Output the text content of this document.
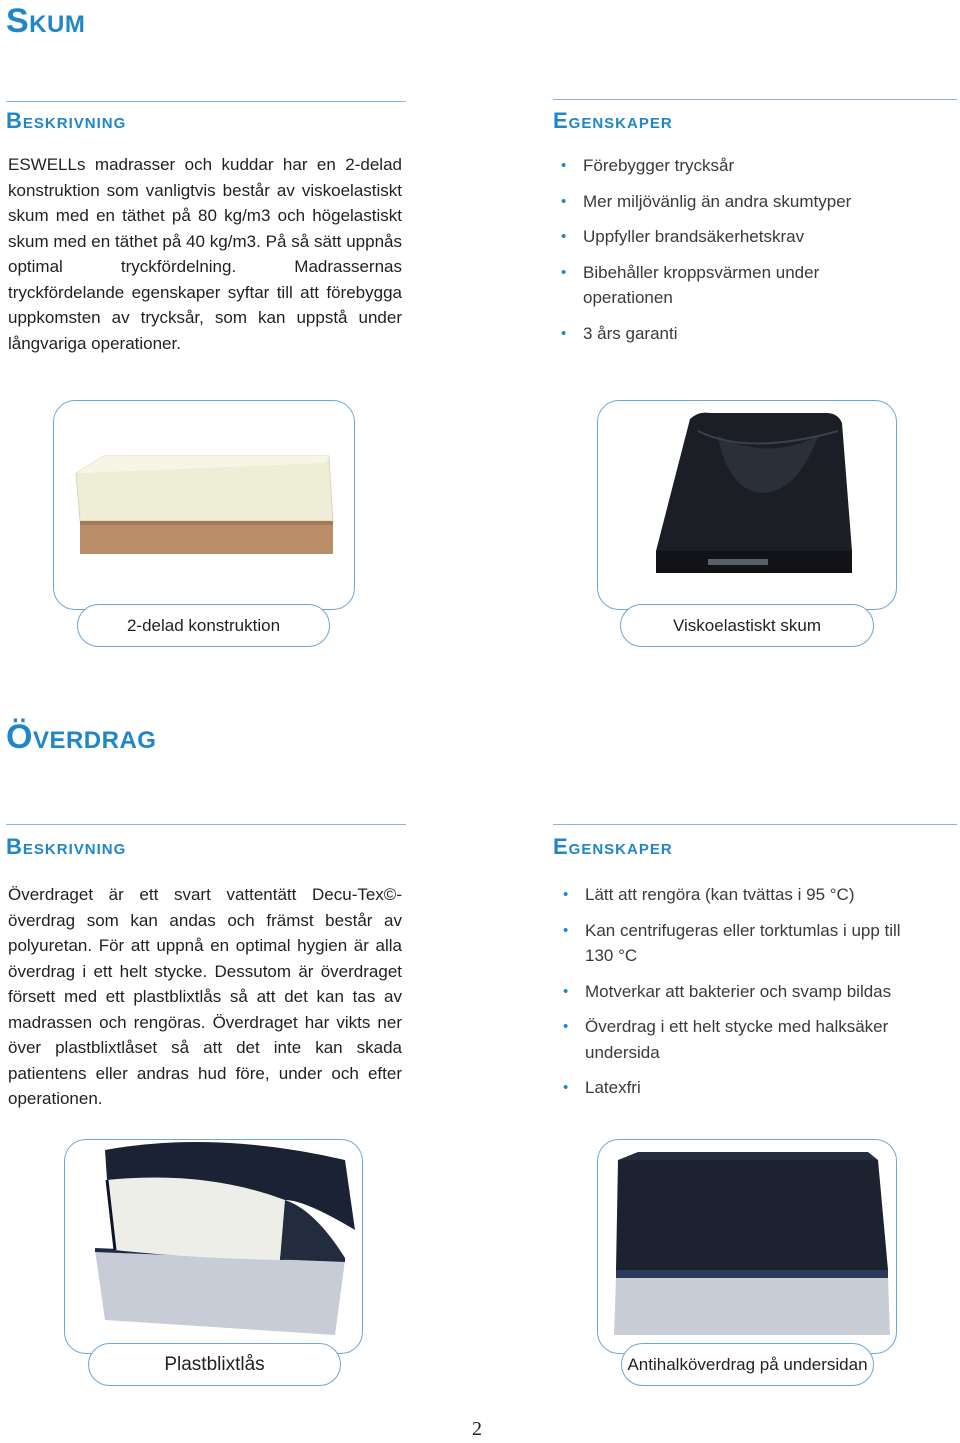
Skum
Beskrivning
ESWELLs madrasser och kuddar har en 2-delad konstruktion som vanligtvis består av viskoelastiskt skum med en täthet på 80 kg/m3 och högelastiskt skum med en täthet på 40 kg/m3. På så sätt uppnås optimal tryckfördelning. Madrassernas tryckfördelande egenskaper syftar till att förebygga uppkomsten av trycksår, som kan uppstå under långvariga operationer.
Egenskaper
• Förebygger trycksår
• Mer miljövänlig än andra skumtyper
• Uppfyller brandsäkerhetskrav
• Bibehåller kroppsvärmen under operationen
• 3 års garanti
2-delad konstruktion	Viskoelastiskt skum
Överdrag
Beskrivning
Överdraget är ett svart vattentätt Decu-Tex©-överdrag som kan andas och främst består av polyuretan. För att uppnå en optimal hygien är alla överdrag i ett helt stycke. Dessutom är överdraget försett med ett plastblixtlås så att det kan tas av madrassen och rengöras. Överdraget har vikts ner över plastblixtlåset så att det inte kan skada patientens eller andras hud före, under och efter operationen.
Egenskaper
• Lätt att rengöra (kan tvättas i 95 °C)
• Kan centrifugeras eller torktumlas i upp till 130 °C
• Motverkar att bakterier och svamp bildas
• Överdrag i ett helt stycke med halksäker undersida
• Latexfri
Plastblixtlås	Antihalköverdrag på undersidan
2
